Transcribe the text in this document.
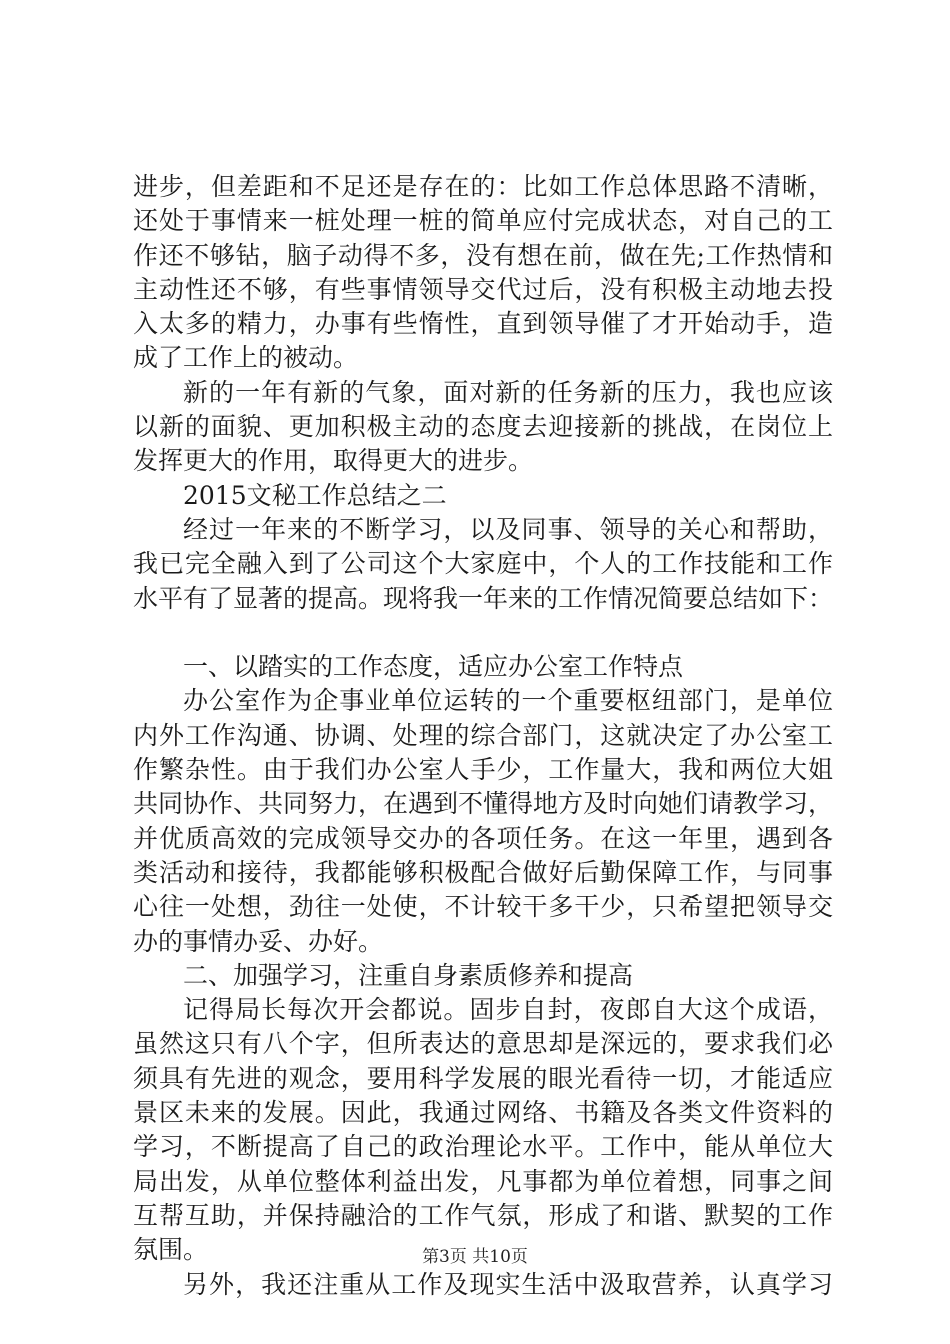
进步，但差距和不足还是存在的：比如工作总体思路不清晰，
还处于事情来一桩处理一桩的简单应付完成状态，对自己的工
作还不够钻，脑子动得不多，没有想在前，做在先;工作热情和
主动性还不够，有些事情领导交代过后，没有积极主动地去投
入太多的精力，办事有些惰性，直到领导催了才开始动手，造
成了工作上的被动。
新的一年有新的气象，面对新的任务新的压力，我也应该
以新的面貌、更加积极主动的态度去迎接新的挑战，在岗位上
发挥更大的作用，取得更大的进步。
2015文秘工作总结之二
经过一年来的不断学习，以及同事、领导的关心和帮助，
我已完全融入到了公司这个大家庭中，个人的工作技能和工作
水平有了显著的提高。现将我一年来的工作情况简要总结如下：
一、以踏实的工作态度，适应办公室工作特点
办公室作为企事业单位运转的一个重要枢纽部门，是单位
内外工作沟通、协调、处理的综合部门，这就决定了办公室工
作繁杂性。由于我们办公室人手少，工作量大，我和两位大姐
共同协作、共同努力，在遇到不懂得地方及时向她们请教学习，
并优质高效的完成领导交办的各项任务。在这一年里，遇到各
类活动和接待，我都能够积极配合做好后勤保障工作，与同事
心往一处想，劲往一处使，不计较干多干少，只希望把领导交
办的事情办妥、办好。
二、加强学习，注重自身素质修养和提高
记得局长每次开会都说。固步自封，夜郎自大这个成语，
虽然这只有八个字，但所表达的意思却是深远的，要求我们必
须具有先进的观念，要用科学发展的眼光看待一切，才能适应
景区未来的发展。因此，我通过网络、书籍及各类文件资料的
学习，不断提高了自己的政治理论水平。工作中，能从单位大
局出发，从单位整体利益出发，凡事都为单位着想，同事之间
互帮互助，并保持融洽的工作气氛，形成了和谐、默契的工作
氛围。
另外，我还注重从工作及现实生活中汲取营养，认真学习
第3页 共10页
